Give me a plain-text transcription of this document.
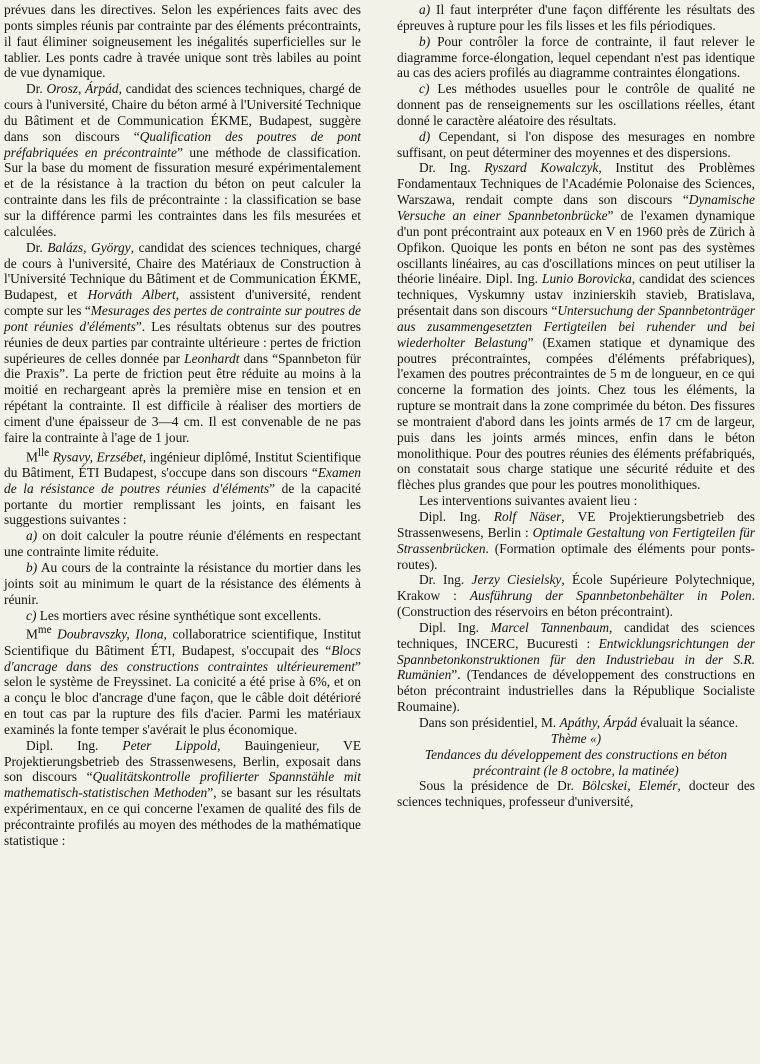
prévues dans les directives. Selon les expériences faits avec des ponts simples réunis par contrainte par des éléments précontraints, il faut éliminer soigneusement les inégalités superficielles sur le tablier. Les ponts cadre à travée unique sont très labiles au point de vue dynamique.

Dr. Orosz, Árpád, candidat des sciences techniques, chargé de cours à l'université, Chaire du béton armé à l'Université Technique du Bâtiment et de Communication ÉKME, Budapest, suggère dans son discours “Qualification des poutres de pont préfabriquées en précontrainte” une méthode de classification. Sur la base du moment de fissuration mesuré expérimentalement et de la résistance à la traction du béton on peut calculer la contrainte dans les fils de précontrainte : la classification se base sur la différence parmi les contraintes dans les fils mesurées et calculées.

Dr. Balázs, György, candidat des sciences techniques, chargé de cours à l'université, Chaire des Matériaux de Construction à l'Université Technique du Bâtiment et de Communication ÉKME, Budapest, et Horváth Albert, assistent d'université, rendent compte sur les “Mesurages des pertes de contrainte sur poutres de pont réunies d'éléments”. Les résultats obtenus sur des poutres réunies de deux parties par contrainte ultérieure : pertes de friction supérieures de celles donnée par Leonhardt dans “Spannbeton für die Praxis”. La perte de friction peut être réduite au moins à la moitié en rechargeant après la première mise en tension et en répétant la contrainte. Il est difficile à réaliser des mortiers de ciment d'une épaisseur de 3—4 cm. Il est convenable de ne pas faire la contrainte à l'age de 1 jour.

$M^{lle}$ Rysavy, Erzsébet, ingénieur diplômé, Institut Scientifique du Bâtiment, ÉTI Budapest, s'occupe dans son discours “Examen de la résistance de poutres réunies d'éléments” de la capacité portante du mortier remplissant les joints, en faisant les suggestions suivantes :

a) on doit calculer la poutre réunie d'éléments en respectant une contrainte limite réduite.

b) Au cours de la contrainte la résistance du mortier dans les joints soit au minimum le quart de la résistance des éléments à réunir.

c) Les mortiers avec résine synthétique sont excellents.

$M^{me}$ Doubravszky, Ilona, collaboratrice scientifique, Institut Scientifique du Bâtiment ÉTI, Budapest, s'occupait des “Blocs d'ancrage dans des constructions contraintes ultérieurement” selon le système de Freyssinet. La conicité a été prise à 6%, et on a conçu le bloc d'ancrage d'une façon, que le câble doit détérioré en tout cas par la rupture des fils d'acier. Parmi les matériaux examinés la fonte temper s'avérait le plus économique.

Dipl. Ing. Peter Lippold, Bauingenieur, VE Projektierungsbetrieb des Strassenwesens, Berlin, exposait dans son discours “Qualitätskontrolle profilierter Spannstähle mit mathematisch-statistischen Methoden”, se basant sur les résultats expérimentaux, en ce qui concerne l'examen de qualité des fils de précontrainte profilés au moyen des méthodes de la mathématique statistique :

a) Il faut interpréter d'une façon différente les résultats des épreuves à rupture pour les fils lisses et les fils périodiques.

b) Pour contrôler la force de contrainte, il faut relever le diagramme force-élongation, lequel cependant n'est pas identique au cas des aciers profilés au diagramme contraintes élongations.

c) Les méthodes usuelles pour le contrôle de qualité ne donnent pas de renseignements sur les oscillations réelles, étant donné le caractère aléatoire des résultats.

d) Cependant, si l'on dispose des mesurages en nombre suffisant, on peut déterminer des moyennes et des dispersions.

Dr. Ing. Ryszard Kowalczyk, Institut des Problèmes Fondamentaux Techniques de l'Académie Polonaise des Sciences, Warszawa, rendait compte dans son discours “Dynamische Versuche an einer Spannbetonbrücke” de l'examen dynamique d'un pont précontraint aux poteaux en V en 1960 près de Zürich à Opfikon. Quoique les ponts en béton ne sont pas des systèmes oscillants linéaires, au cas d'oscillations minces on peut utiliser la théorie linéaire. Dipl. Ing. Lunio Borovicka, candidat des sciences techniques, Vyskumny ustav inzinierskih stavieb, Bratislava, présentait dans son discours “Untersuchung der Spannbetonträger aus zusammengesetzten Fertigteilen bei ruhender und bei wiederholter Belastung” (Examen statique et dynamique des poutres précontraintes, compées d'éléments préfabriques), l'examen des poutres précontraintes de 5 m de longueur, en ce qui concerne la formation des joints. Chez tous les éléments, la rupture se montrait dans la zone comprimée du béton. Des fissures se montraient d'abord dans les joints armés de 17 cm de largeur, puis dans les joints armés minces, enfin dans le béton monolithique. Pour des poutres réunies des éléments préfabriqués, on constatait sous charge statique une sécurité réduite et des flèches plus grandes que pour les poutres monolithiques.

Les interventions suivantes avaient lieu :

Dipl. Ing. Rolf Näser, VE Projektierungsbetrieb des Strassenwesens, Berlin : Optimale Gestaltung von Fertigteilen für Strassenbrücken. (Formation optimale des éléments pour ponts-routes).

Dr. Ing. Jerzy Ciesielsky, École Supérieure Polytechnique, Krakow : Ausführung der Spannbetonbehälter in Polen. (Construction des réservoirs en béton précontraint).

Dipl. Ing. Marcel Tannenbaum, candidat des sciences techniques, INCERC, Bucuresti : Entwicklungsrichtungen der Spannbetonkonstruktionen für den Industriebau in der S.R. Rumänien”. (Tendances de développement des constructions en béton précontraint industrielles dans la République Socialiste Roumaine).

Dans son présidentiel, M. Apáthy, Árpád évaluait la séance.

Thème «)

Tendances du développement des constructions en béton précontraint (le 8 octobre, la matinée)

Sous la présidence de Dr. Bölcskei, Elemér, docteur des sciences techniques, professeur d'université,
